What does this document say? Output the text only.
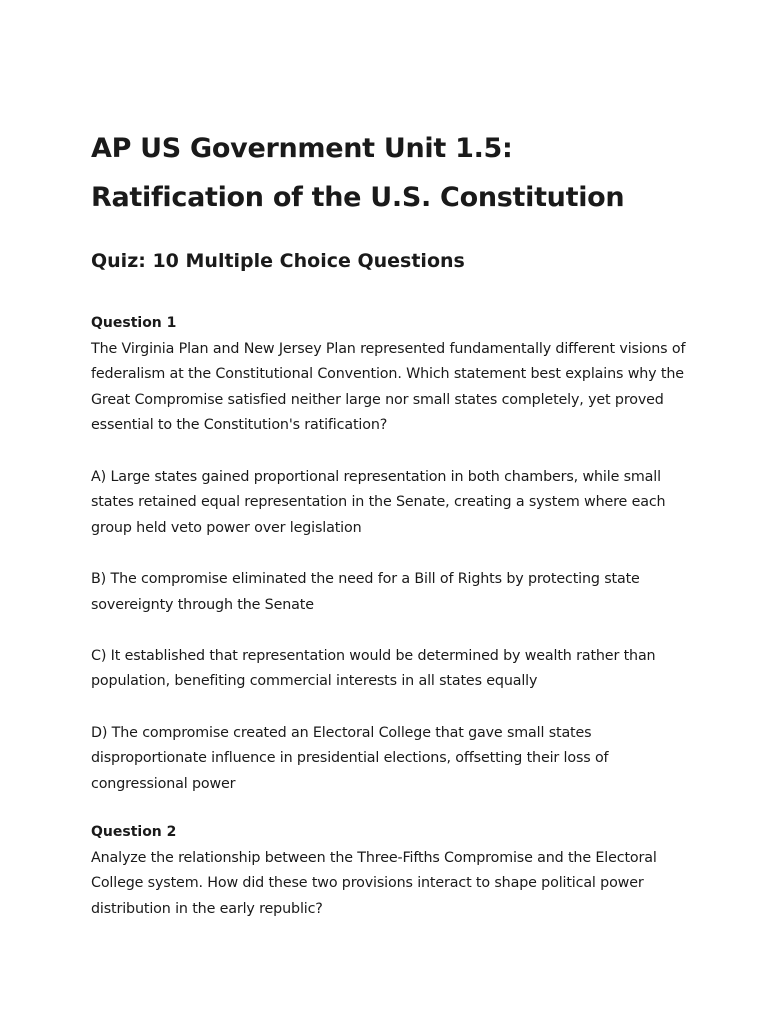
AP US Government Unit 1.5: Ratification of the U.S. Constitution
Quiz: 10 Multiple Choice Questions

Question 1

The Virginia Plan and New Jersey Plan represented fundamentally different visions of federalism at the Constitutional Convention. Which statement best explains why the Great Compromise satisfied neither large nor small states completely, yet proved essential to the Constitution's ratification?

A) Large states gained proportional representation in both chambers, while small states retained equal representation in the Senate, creating a system where each group held veto power over legislation

B) The compromise eliminated the need for a Bill of Rights by protecting state sovereignty through the Senate

C) It established that representation would be determined by wealth rather than population, benefiting commercial interests in all states equally

D) The compromise created an Electoral College that gave small states disproportionate influence in presidential elections, offsetting their loss of congressional power

Question 2

Analyze the relationship between the Three-Fifths Compromise and the Electoral College system. How did these two provisions interact to shape political power distribution in the early republic?
